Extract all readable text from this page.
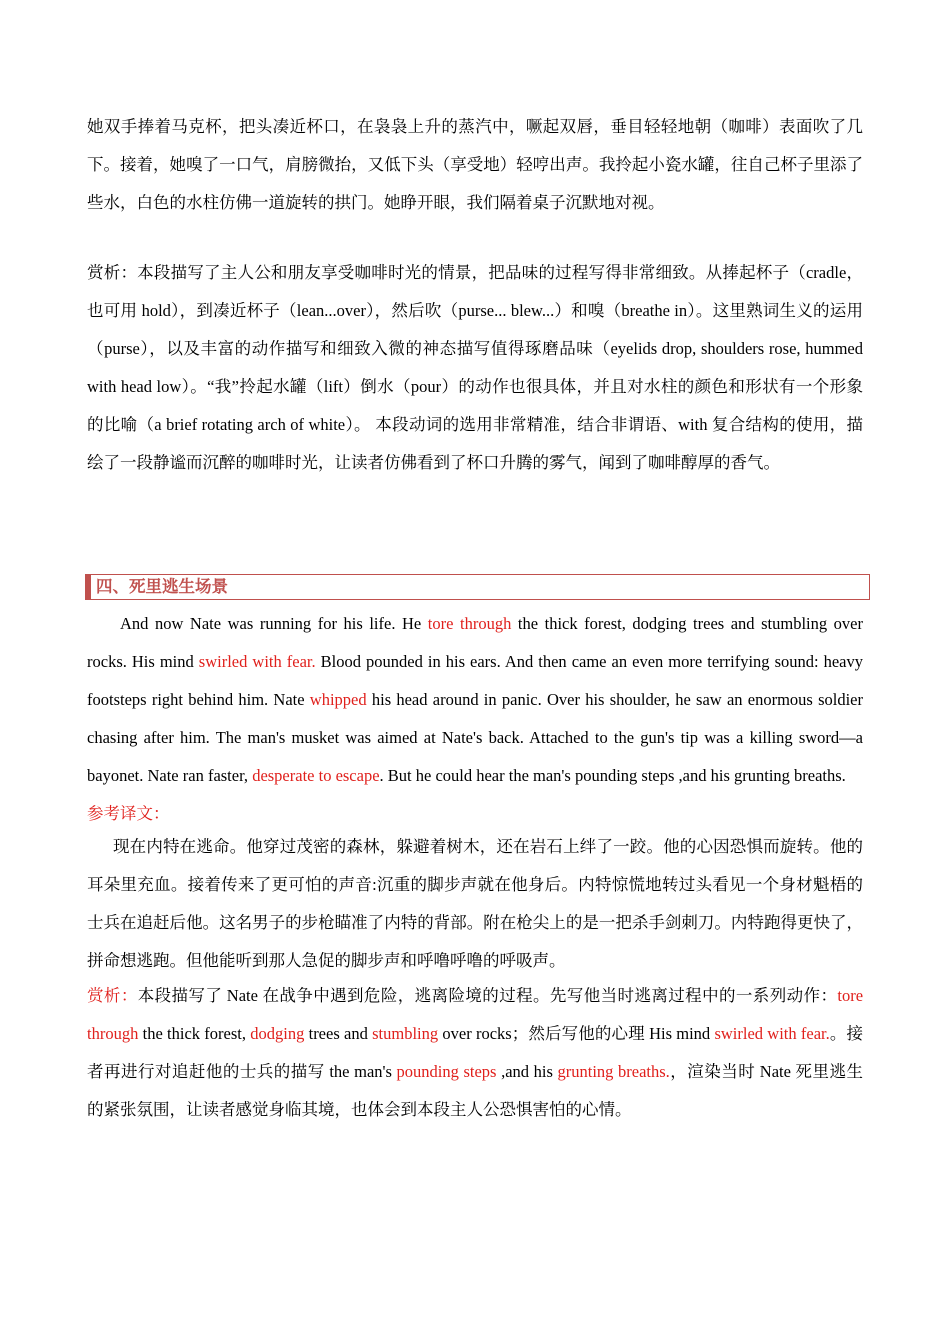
她双手捧着马克杯，把头凑近杯口，在袅袅上升的蒸汽中，噘起双唇，垂目轻轻地朝（咖啡）表面吹了几下。接着，她嗅了一口气，肩膀微抬，又低下头（享受地）轻哼出声。我拎起小瓷水罐，往自己杯子里添了些水，白色的水柱仿佛一道旋转的拱门。她睁开眼，我们隔着桌子沉默地对视。

赏析：本段描写了主人公和朋友享受咖啡时光的情景，把品味的过程写得非常细致。从捧起杯子（cradle，也可用 hold），到凑近杯子（lean...over），然后吹（purse... blew...）和嗅（breathe in）。这里熟词生义的运用（purse），以及丰富的动作描写和细致入微的神态描写值得琢磨品味（eyelids drop, shoulders rose, hummed with head low）。“我”拎起水罐（lift）倒水（pour）的动作也很具体，并且对水柱的颜色和形状有一个形象的比喻（a brief rotating arch of white）。 本段动词的选用非常精准，结合非谓语、with 复合结构的使用，描绘了一段静谧而沉醉的咖啡时光，让读者仿佛看到了杯口升腾的雾气，闻到了咖啡醇厚的香气。

四、死里逃生场景

And now Nate was running for his life. He tore through the thick forest, dodging trees and stumbling over rocks. His mind swirled with fear. Blood pounded in his ears. And then came an even more terrifying sound: heavy footsteps right behind him. Nate whipped his head around in panic. Over his shoulder, he saw an enormous soldier chasing after him. The man's musket was aimed at Nate's back. Attached to the gun's tip was a killing sword—a bayonet. Nate ran faster, desperate to escape. But he could hear the man's pounding steps ,and his grunting breaths.

参考译文：

现在内特在逃命。他穿过茂密的森林，躲避着树木，还在岩石上绊了一跤。他的心因恐惧而旋转。他的耳朵里充血。接着传来了更可怕的声音:沉重的脚步声就在他身后。内特惊慌地转过头看见一个身材魁梧的士兵在追赶后他。这名男子的步枪瞄准了内特的背部。附在枪尖上的是一把杀手剑刺刀。内特跑得更快了，拼命想逃跑。但他能听到那人急促的脚步声和呼噜呼噜的呼吸声。

赏析：本段描写了 Nate 在战争中遇到危险，逃离险境的过程。先写他当时逃离过程中的一系列动作：tore through the thick forest, dodging trees and stumbling over rocks；然后写他的心理 His mind swirled with fear.。接者再进行对追赶他的士兵的描写 the man's pounding steps ,and his grunting breaths.，渲染当时 Nate 死里逃生的紧张氛围，让读者感觉身临其境，也体会到本段主人公恐惧害怕的心情。
